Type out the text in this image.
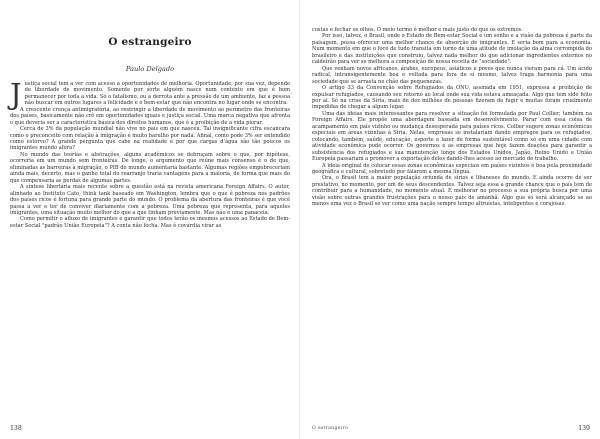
O estrangeiro
Paulo Delgado

Justiça social tem a ver com acesso a oportunidades de melhoria. Oportunidade, por sua vez, depende de liberdade de movimento. Somente por sorte alguém nasce num contexto em que é bom permanecer por toda a vida. Só o fatalismo, ou a derrota ante a pressão de um ambiente, faz a pessoa não buscar em outros lugares a felicidade e o bem-estar que não encontra no lugar onde se encontra.

A crescente crença antimigratória, ao restringir a liberdade de movimento ao perímetro das fronteiras dos países, basicamente não crê em oportunidades iguais e justiça social. Uma marca negativa que afronta o que deveria ser a característica básica dos direitos humanos, que é a proibição de a vida piorar.

Cerca de 3% da população mundial não vive no país em que nasceu. Tal insignificante cifra escancara como o preconceito com relação à imigração é muito barulho por nada. Afinal, como pode 3% ser entendido como estorvo? A grande pergunta que cabe na realidade é por que cargas d'água são tão poucos os imigrantes mundo afora?

No mundo das teorias e abstrações, alguns acadêmicos se debruçam sobre o que, por hipótese, ocorreria em um mundo sem fronteiras. De longe, o argumento que reúne mais consenso é o de que, eliminadas as barreiras à migração, o PIB do mundo aumentaria bastante. Algumas regiões empobreceriam ainda mais, decerto, mas o ganho total do rearranjo traria vantagens para a maioria, de forma que mais do que compensaria as perdas de algumas partes.

A síntese libertária mais recente sobre a questão está na revista americana Foreign Affairs. O autor, alinhado ao Instituto Cato, think tank baseado em Washington, lembra que o que é pobreza nos padrões dos países ricos é fortuna para grande parte do mundo. O problema da abertura das fronteiras é que você passa a ver e ter de conviver diariamente com a pobreza. Uma pobreza que representa, para aqueles imigrantes, uma situação muito melhor do que a que tinham previamente. Mas não é uma panaceia.

Como permitir o afluxo de imigrantes e garantir que todos terão os mesmos acessos ao Estado de Bem-estar Social "padrão União Europeia"? A conta não fecha. Mas é covardia virar as

138

costas e fechar os olhos. O meio termo é melhor e mais justo do que os extremos.

Por isso, talvez, o Brasil, onde o Estado de Bem-estar Social é um sonho e a visão da pobreza é parte da paisagem, possa oferecer uma melhor chance de absorção de imigrantes. E seria bom para a economia. Num momento em que o foco de tudo transita em torno de uma atitude de imolação da alma corrompida do brasileiro e das instituições que construiu, talvez nada melhor do que adicionar ingredientes externos no caldeirão para ver se melhora a composição de nossa receita de "sociedade".

Que venham novos africanos, árabes, europeus, asiáticos e povos que nunca vieram para cá. Um ácido radical, intransigentemente boa e voltada para fora de si mesmo, talvez traga harmonia para uma sociedade que se arrasta no chão das pequenezas.

O artigo 33 da Convenção sobre Refugiados da ONU, assinada em 1951, expressa a proibição de expulsar refugiados, causando seu retorno ao local onde sua vida estava ameaçada. Algo que tem sido feito por aí. Só na crise da Síria, mais de dez milhões de pessoas fizeram de fugir e muitas foram cruelmente impedidas de chegar a algum lugar.

Uma das ideias mais interessantes para resolver a situação foi formulada por Paul Collier, também na Foreign Affairs. Ele propõe uma abordagem baseada em desenvolvimento. Parar com essa coisa de acampamento em país vizinho ou mudança desesperada para países ricos. Collier sugere zonas econômicas especiais em áreas vizinhas à Síria. Nelas, empresas se instalariam dando empregos para os refugiados, colocando, também, saúde, educação, esporte e lazer de forma sustentável como só em uma cidade com atividade econômica pode ocorrer. Os governos e as empresas que hoje fazem doações para garantir a subsistência dos refugiados e sua manutenção longe dos Estados Unidos, Japão, Reino Unido e União Europeia passariam a promover a exportação deles dando-lhes acesso ao mercado de trabalho.

A ideia original de colocar essas zonas econômicas especiais em países vizinhos é boa pela proximidade geográfica e cultural, sobretudo por falarem a mesma língua.

Ora, o Brasil tem a maior população oriunda de sírios e libaneses do mundo. E ainda ocorre de ser prestativo, no momento, por um de seus descendentes. Talvez seja essa a grande chance que o país tem de contribuir para a humanidade, no momento atual. E melhorar no processo a sua própria busca por uma visão sobre outras grandes frustrações para o nosso país de amanhã. Algo que só será alcançado se ao menos uma vez o Brasil se ver como uma nação sempre tempo altruístas, inteligentes e corajosas.

O estrangeiro	139
